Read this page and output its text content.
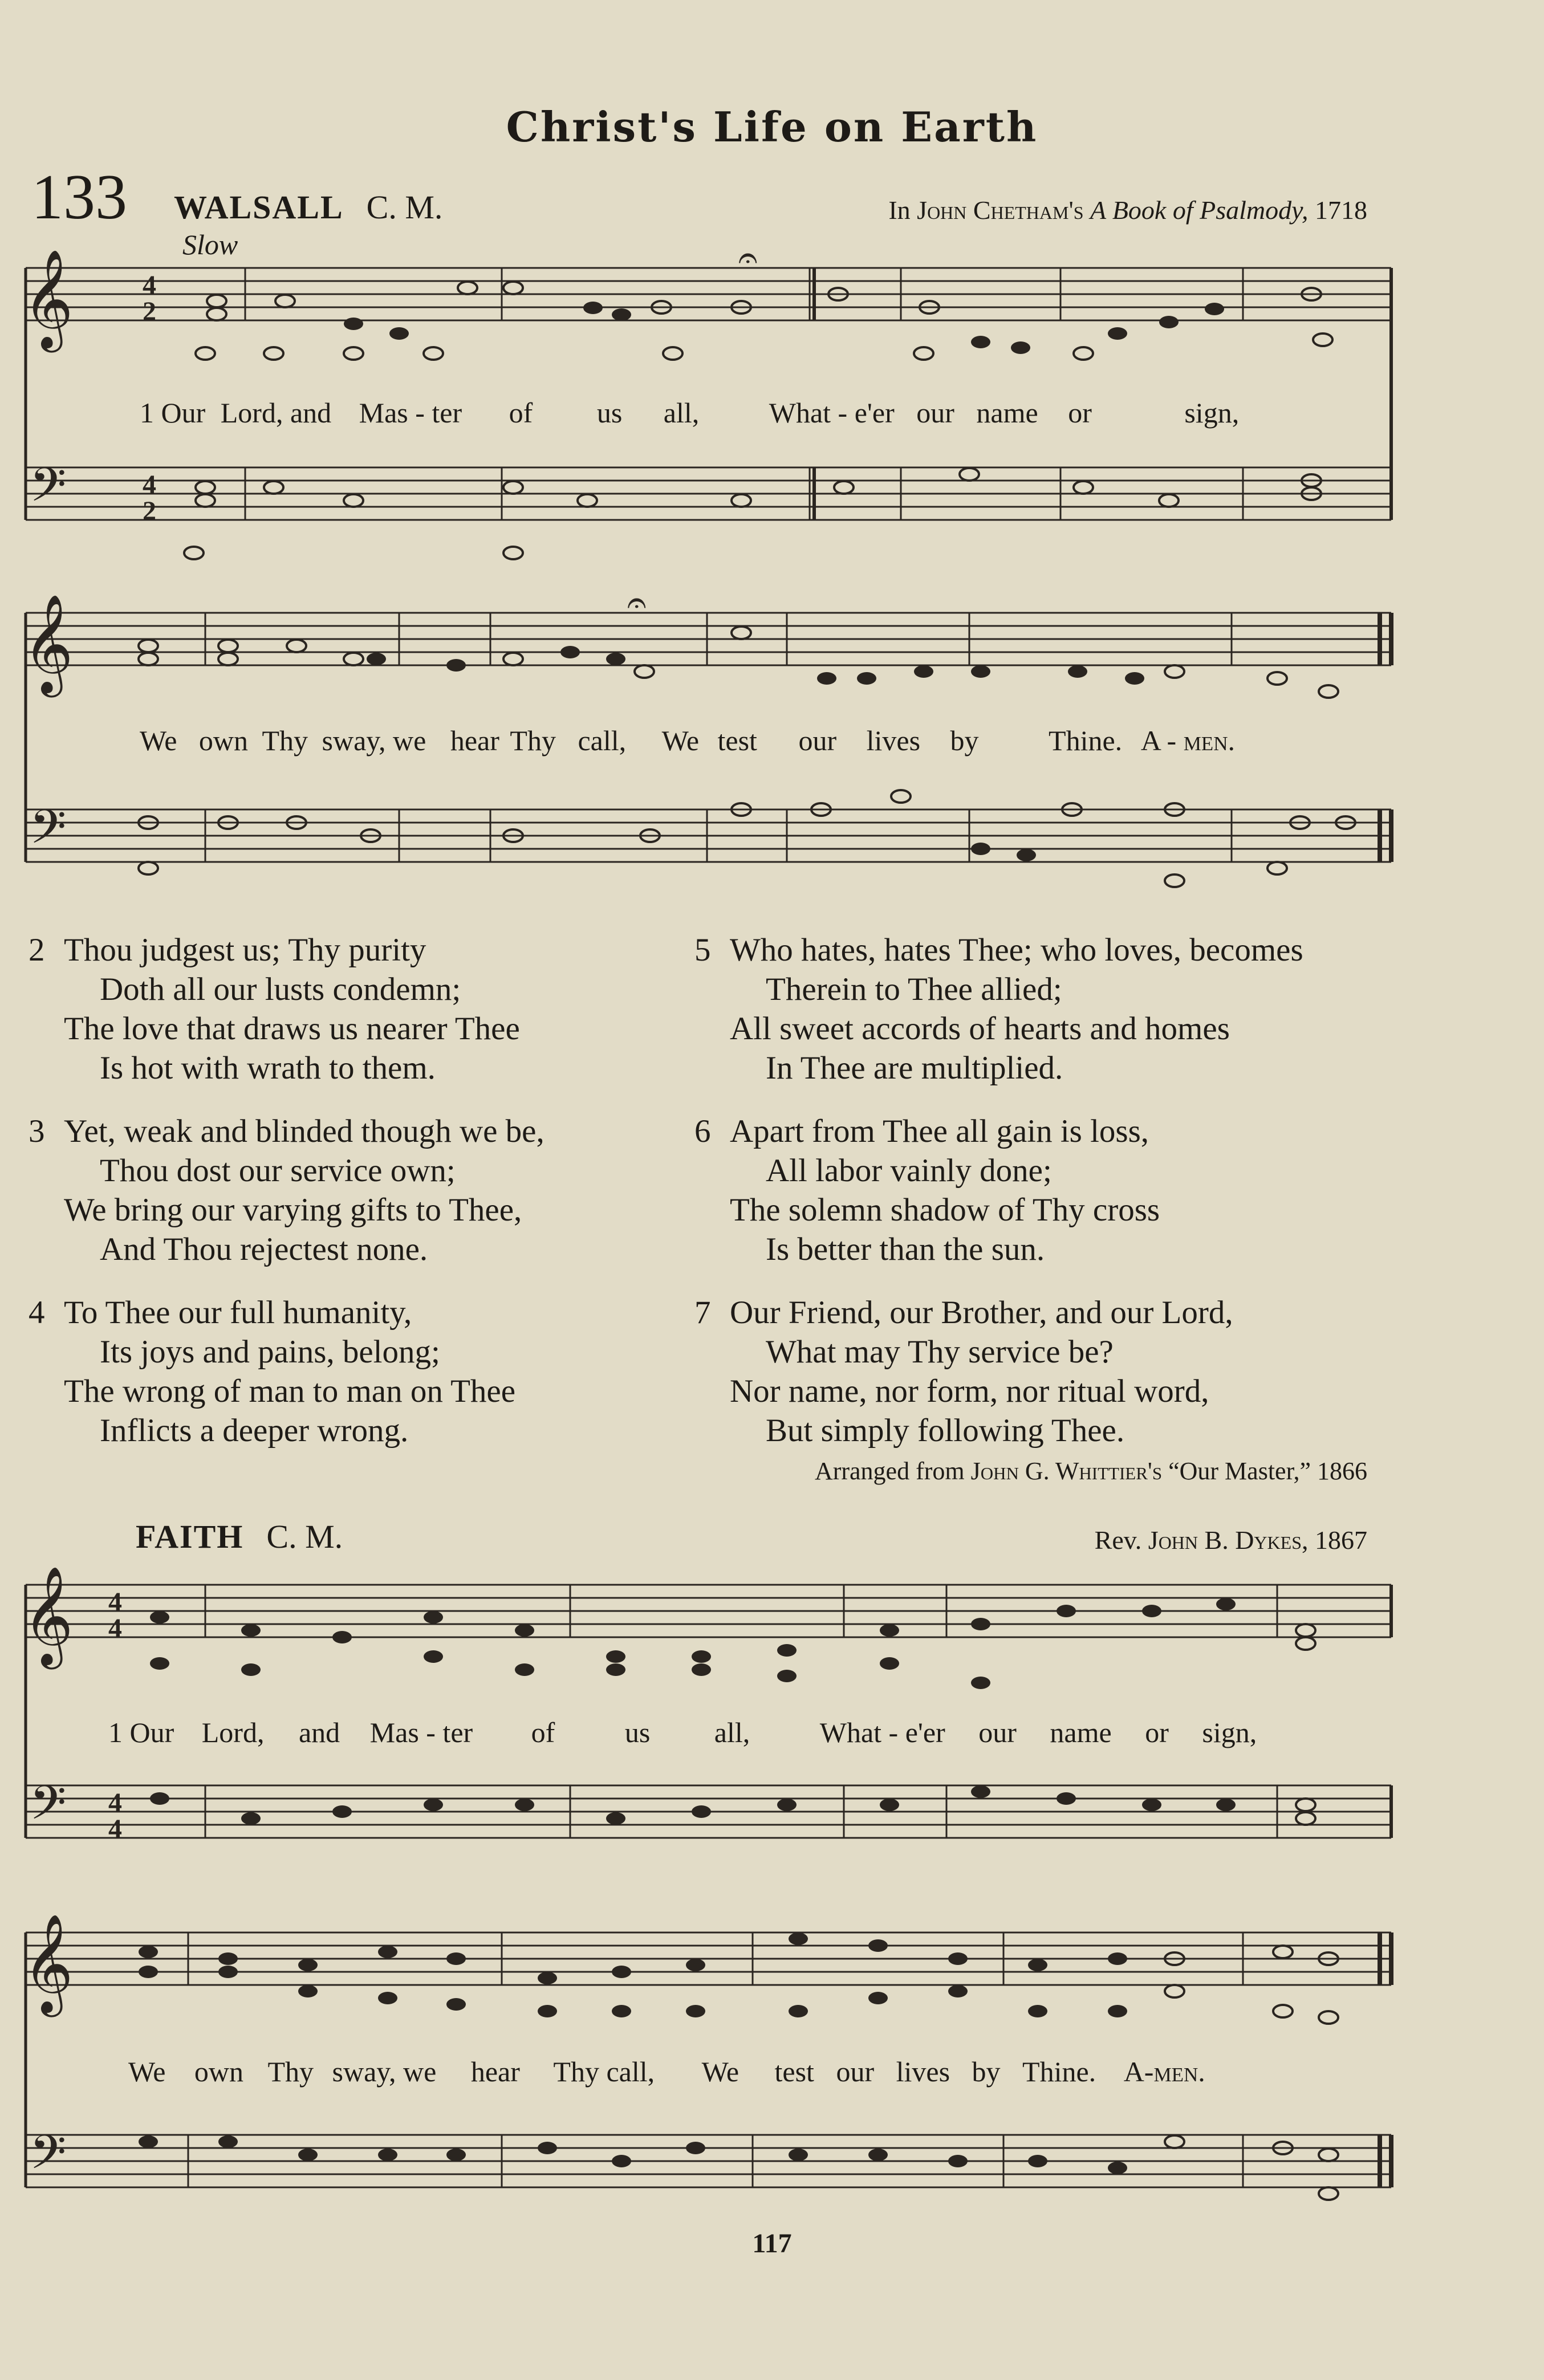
Christ's Life on Earth
133 WALSALL C. M.	In John Chetham's A Book of Psalmody, 1718
Slow
𝄞
𝄢
4
2
4
2
𝄐
1 Our Lord, and Mas - ter of us all, What - e'er our name or	sign,
𝄞
𝄢
𝄐
We own Thy sway, we hear Thy call, We test our lives by Thine. A - men.
2 Thou judgest us; Thy purity
Doth all our lusts condemn;
The love that draws us nearer Thee
Is hot with wrath to them.
3 Yet, weak and blinded though we be,
Thou dost our service own;
We bring our varying gifts to Thee,
And Thou rejectest none.
4 To Thee our full humanity,
Its joys and pains, belong;
The wrong of man to man on Thee
Inflicts a deeper wrong.
5 Who hates, hates Thee; who loves, becomes
Therein to Thee allied;
All sweet accords of hearts and homes
In Thee are multiplied.
6 Apart from Thee all gain is loss,
All labor vainly done;
The solemn shadow of Thy cross
Is better than the sun.
7 Our Friend, our Brother, and our Lord,
What may Thy service be?
Nor name, nor form, nor ritual word,
But simply following Thee.
Arranged from John G. Whittier's “Our Master,” 1866
FAITH C. M.	Rev. John B. Dykes, 1867
𝄞
𝄢
4
4
4
4
1 Our Lord, and Mas - ter of us all, What - e'er our name or sign,
𝄞
𝄢
We own Thy sway, we hear Thy call, We test our lives by Thine. A-men.
117
